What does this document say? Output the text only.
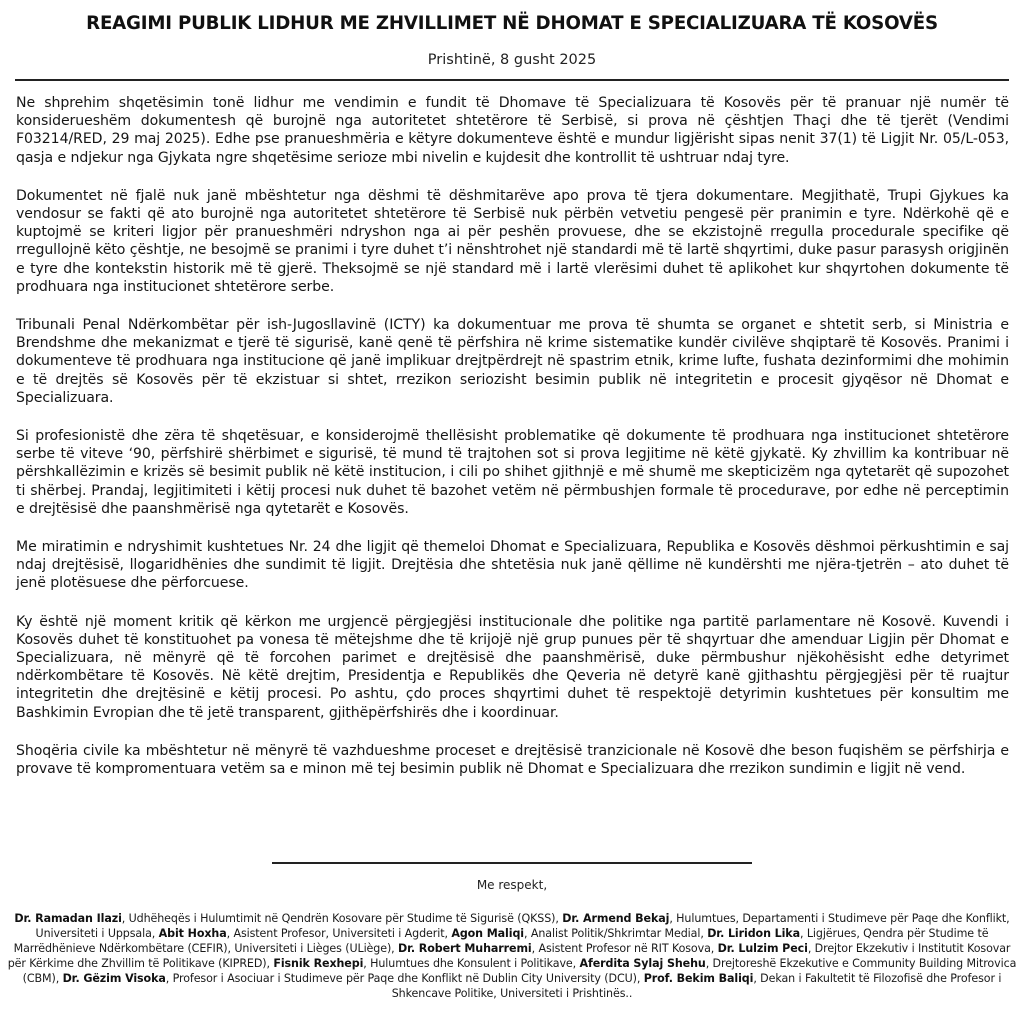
REAGIMI PUBLIK LIDHUR ME ZHVILLIMET NË DHOMAT E SPECIALIZUARA TË KOSOVËS
Prishtinë, 8 gusht 2025

Ne shprehim shqetësimin tonë lidhur me vendimin e fundit të Dhomave të Specializuara të Kosovës për të pranuar një numër të konsiderueshëm dokumentesh që burojnë nga autoritetet shtetërore të Serbisë, si prova në çështjen Thaçi dhe të tjerët (Vendimi F03214/RED, 29 maj 2025). Edhe pse pranueshmëria e këtyre dokumenteve është e mundur ligjërisht sipas nenit 37(1) të Ligjit Nr. 05/L-053, qasja e ndjekur nga Gjykata ngre shqetësime serioze mbi nivelin e kujdesit dhe kontrollit të ushtruar ndaj tyre.

Dokumentet në fjalë nuk janë mbështetur nga dëshmi të dëshmitarëve apo prova të tjera dokumentare. Megjithatë, Trupi Gjykues ka vendosur se fakti që ato burojnë nga autoritetet shtetërore të Serbisë nuk përbën vetvetiu pengesë për pranimin e tyre. Ndërkohë që e kuptojmë se kriteri ligjor për pranueshmëri ndryshon nga ai për peshën provuese, dhe se ekzistojnë rregulla procedurale specifike që rregullojnë këto çështje, ne besojmë se pranimi i tyre duhet t’i nënshtrohet një standardi më të lartë shqyrtimi, duke pasur parasysh origjinën e tyre dhe kontekstin historik më të gjerë. Theksojmë se një standard më i lartë vlerësimi duhet të aplikohet kur shqyrtohen dokumente të prodhuara nga institucionet shtetërore serbe.

Tribunali Penal Ndërkombëtar për ish-Jugosllavinë (ICTY) ka dokumentuar me prova të shumta se organet e shtetit serb, si Ministria e Brendshme dhe mekanizmat e tjerë të sigurisë, kanë qenë të përfshira në krime sistematike kundër civilëve shqiptarë të Kosovës. Pranimi i dokumenteve të prodhuara nga institucione që janë implikuar drejtpërdrejt në spastrim etnik, krime lufte, fushata dezinformimi dhe mohimin e të drejtës së Kosovës për të ekzistuar si shtet, rrezikon seriozisht besimin publik në integritetin e procesit gjyqësor në Dhomat e Specializuara.

Si profesionistë dhe zëra të shqetësuar, e konsiderojmë thellësisht problematike që dokumente të prodhuara nga institucionet shtetërore serbe të viteve ‘90, përfshirë shërbimet e sigurisë, të mund të trajtohen sot si prova legjitime në këtë gjykatë. Ky zhvillim ka kontribuar në përshkallëzimin e krizës së besimit publik në këtë institucion, i cili po shihet gjithnjë e më shumë me skepticizëm nga qytetarët që supozohet ti shërbej. Prandaj, legjitimiteti i këtij procesi nuk duhet të bazohet vetëm në përmbushjen formale të procedurave, por edhe në perceptimin e drejtësisë dhe paanshmërisë nga qytetarët e Kosovës.

Me miratimin e ndryshimit kushtetues Nr. 24 dhe ligjit që themeloi Dhomat e Specializuara, Republika e Kosovës dëshmoi përkushtimin e saj ndaj drejtësisë, llogaridhënies dhe sundimit të ligjit. Drejtësia dhe shtetësia nuk janë qëllime në kundërshti me njëra-tjetrën – ato duhet të jenë plotësuese dhe përforcuese.

Ky është një moment kritik që kërkon me urgjencë përgjegjësi institucionale dhe politike nga partitë parlamentare në Kosovë. Kuvendi i Kosovës duhet të konstituohet pa vonesa të mëtejshme dhe të krijojë një grup punues për të shqyrtuar dhe amenduar Ligjin për Dhomat e Specializuara, në mënyrë që të forcohen parimet e drejtësisë dhe paanshmërisë, duke përmbushur njëkohësisht edhe detyrimet ndërkombëtare të Kosovës. Në këtë drejtim, Presidentja e Republikës dhe Qeveria në detyrë kanë gjithashtu përgjegjësi për të ruajtur integritetin dhe drejtësinë e këtij procesi. Po ashtu, çdo proces shqyrtimi duhet të respektojë detyrimin kushtetues për konsultim me Bashkimin Evropian dhe të jetë transparent, gjithëpërfshirës dhe i koordinuar.

Shoqëria civile ka mbështetur në mënyrë të vazhdueshme proceset e drejtësisë tranzicionale në Kosovë dhe beson fuqishëm se përfshirja e provave të kompromentuara vetëm sa e minon më tej besimin publik në Dhomat e Specializuara dhe rrezikon sundimin e ligjit në vend.

Me respekt,
Dr. Ramadan Ilazi, Udhëheqës i Hulumtimit në Qendrën Kosovare për Studime të Sigurisë (QKSS), Dr. Armend Bekaj, Hulumtues, Departamenti i Studimeve për Paqe dhe Konflikt, Universiteti i Uppsala, Abit Hoxha, Asistent Profesor, Universiteti i Agderit, Agon Maliqi, Analist Politik/Shkrimtar Medial, Dr. Liridon Lika, Ligjërues, Qendra për Studime të Marrëdhënieve Ndërkombëtare (CEFIR), Universiteti i Lièges (ULiège), Dr. Robert Muharremi, Asistent Profesor në RIT Kosova, Dr. Lulzim Peci, Drejtor Ekzekutiv i Institutit Kosovar për Kërkime dhe Zhvillim të Politikave (KIPRED), Fisnik Rexhepi, Hulumtues dhe Konsulent i Politikave, Aferdita Sylaj Shehu, Drejtoreshë Ekzekutive e Community Building Mitrovica (CBM), Dr. Gëzim Visoka, Profesor i Asociuar i Studimeve për Paqe dhe Konflikt në Dublin City University (DCU), Prof. Bekim Baliqi, Dekan i Fakultetit të Filozofisë dhe Profesor i Shkencave Politike, Universiteti i Prishtinës..
